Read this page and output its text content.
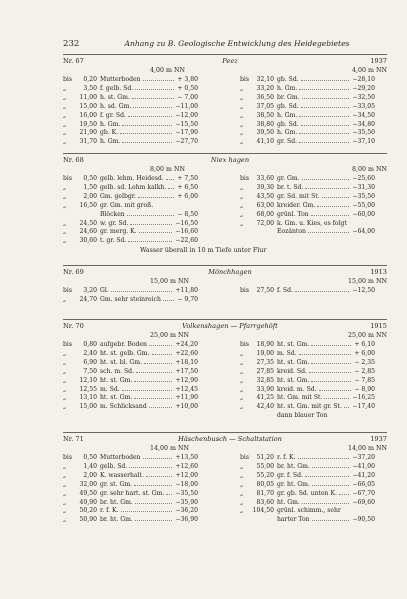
232	Anhang zu B. Geologische Entwicklung des Heidegebietes
Nr. 67	Peez	1937
4,00 m NN	4,00 m NN
bis	0,20 Mutterboden	+ 3,80
„	3,50 f. gelb. Sd.	+ 0,50
„	11,00 h. st. Gm.	− 7,00
„	15,00 h. sd. Gm.	−11,00
„	16,00 f. gr. Sd.	−12,00
„	19,50 h. Gm.	−15,50
„	21,90 gb. K.	−17,90
„	31,70 h. Gm.	−27,70
bis	32,10 gb. Sd.	−28,10
„	33,20 h. Gm.	−29,20
„	36,50 br. Gm.	−32,50
„	37,05 gb. Sd.	−33,05
„	38,50 h. Gm.	−34,50
„	38,80 gb. Sd.	−34,80
„	39,50 h. Gm.	−35,50
„	41,10 gr. Sd.	−37,10
Nr. 68	Niex hagen
8,00 m NN	8,00 m NN
bis	0,50 gelb. lehm. Heidesd. + 7,50
„	1,50 gelb. sd. Lehm kalkh. + 6,50
„	2,00 Gm. gelbgr.	+ 6,00
„	16,50 gr. Gm. mit groß.
Blöcken	− 8,50
„	24,50 w. gr. Sd.	−16,50
„	24,60 gr. merg. K.	−16,60
„	30,60 t. gr. Sd.	−22,60
bis	33,60 gr. Gm.	−25,60
„	39,30 br. t. Sd.	−31,30
„	43,50 gr. Sd. mit St.	−35,50
„	63,00 kreider. Gm.	−55,00
„	68,00 grünl. Ton	−60,00
„	72,00 k. Gm. u. Kies, es folgt
Eozänton	−64,00
Wasser überall in 10 m Tiefe unter Flur
Nr. 69	Mönchhagen	1913
15,00 m NN	15,00 m NN
bis	3,20 Gl.	+11,80
„	24,70 Gm. sehr steinreich	− 9,70
bis	27,50 f. Sd.	−12,50
Nr. 70	Volkenshagen — Pfarrgehöft	1915
25,00 m NN	25,00 m NN
bis	0,80 aufgebr. Boden	+24,20
„	2,40 ht. st. gelb. Gm.	+22,60
„	6,90 ht. st. bl. Gm.	+18,10
„	7,50 sch. m. Sd.	+17,50
„	12,10 ht. st. Gm.	+12,90
„	12,55 m. Sd.	+12,45
„	13,10 ht. st. Gm.	+11,90
„	15,00 m. Schlicksand	+10,00
bis	18,90 ht. st. Gm.	+ 6,10
„	19,00 m. Sd.	+ 6,00
„	27,35 ht. st. Gm.	− 2,35
„	27,85 kreid. Sd.	− 2,85
„	32,85 ht. st. Gm.	− 7,85
„	33,90 kreid. m. Sd.	− 8,90
„	41,25 ht. Gm. mit St.	−16,25
„	42,40 ht. st. Gm. mit gr. St. −17,40
dann blauer Ton
Nr. 71	Häschenbusch — Schaltstation	1937
14,00 m NN	14,00 m NN
bis	0,50 Mutterboden	+13,50
„	1,40 gelb. Sd.	+12,60
„	2,00 K. wasserhalt.	+12,00
„	32,00 gr. st. Gm.	−18,00
„	49,50 gr. sehr hart. st. Gm. −35,50
„	49,90 br. ht. Gm.	−35,90
„	50,20 r. f. K.	−36,20
„	50,90 br. ht. Gm.	−36,90
bis	51,20 r. f. K.	−37,20
„	55,00 br. ht. Gm.	−41,00
„	55,20 gr. f. Sd.	−41,20
„	80,05 gr. ht. Gm.	−66,05
„	81,70 gr. gb. Sd. unten K.	−67,70
„	83,60 ht. Gm.	−69,60
„	104,50 grünl. schimm., sehr
harter Ton	−90,50
